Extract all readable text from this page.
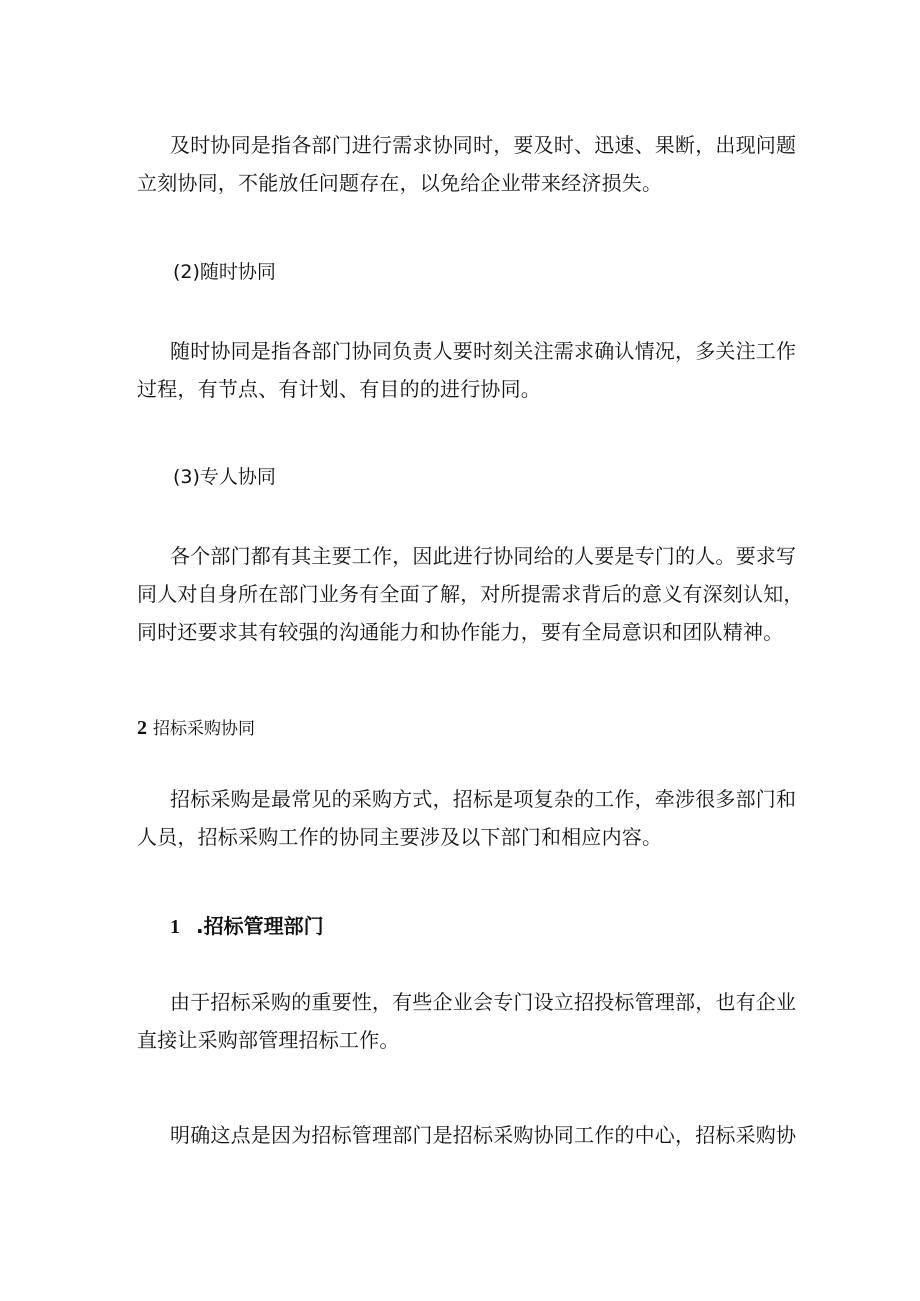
及时协同是指各部门进行需求协同时，要及时、迅速、果断，出现问题
立刻协同，不能放任问题存在，以免给企业带来经济损失。
(2)随时协同
随时协同是指各部门协同负责人要时刻关注需求确认情况，多关注工作
过程，有节点、有计划、有目的的进行协同。
(3)专人协同
各个部门都有其主要工作，因此进行协同给的人要是专门的人。要求写
同人对自身所在部门业务有全面了解，对所提需求背后的意义有深刻认知，
同时还要求其有较强的沟通能力和协作能力，要有全局意识和团队精神。
2 招标采购协同
招标采购是最常见的采购方式，招标是项复杂的工作，牵涉很多部门和
人员，招标采购工作的协同主要涉及以下部门和相应内容。
1 .招标管理部门
由于招标采购的重要性，有些企业会专门设立招投标管理部，也有企业
直接让采购部管理招标工作。
明确这点是因为招标管理部门是招标采购协同工作的中心，招标采购协
